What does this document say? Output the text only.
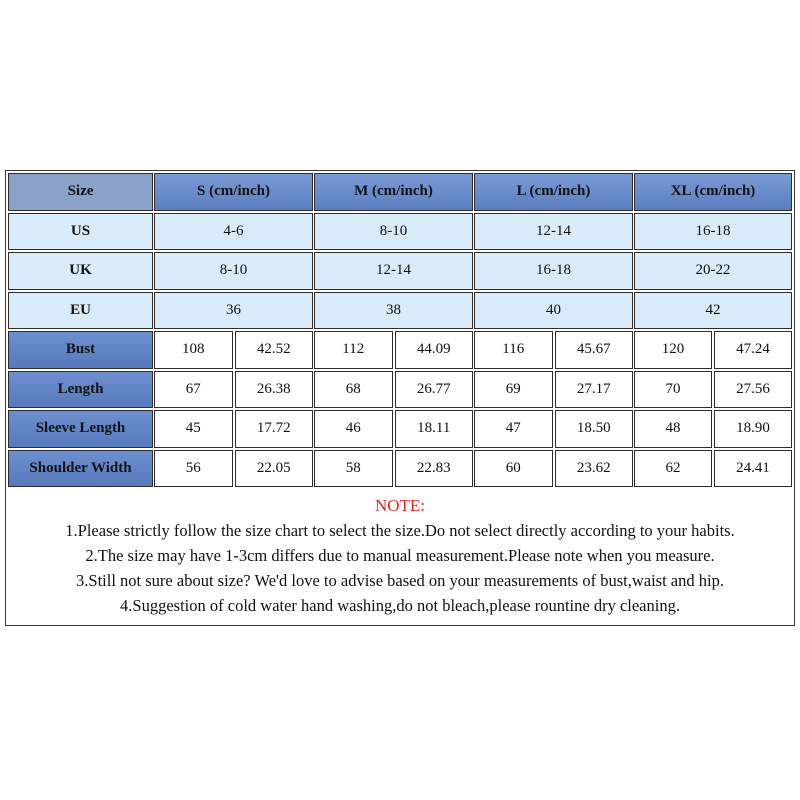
Size	S (cm/inch)	M (cm/inch)	L (cm/inch)	XL (cm/inch)
US	4-6	8-10	12-14	16-18
UK	8-10	12-14	16-18	20-22
EU	36	38	40	42
Bust	108	42.52	112	44.09	116	45.67	120	47.24
Length	67	26.38	68	26.77	69	27.17	70	27.56
Sleeve Length	45	17.72	46	18.11	47	18.50	48	18.90
Shoulder Width	56	22.05	58	22.83	60	23.62	62	24.41
NOTE:
1.Please strictly follow the size chart to select the size.Do not select directly according to your habits.
2.The size may have 1-3cm differs due to manual measurement.Please note when you measure.
3.Still not sure about size? We'd love to advise based on your measurements of bust,waist and hip.
4.Suggestion of cold water hand washing,do not bleach,please rountine dry cleaning.
